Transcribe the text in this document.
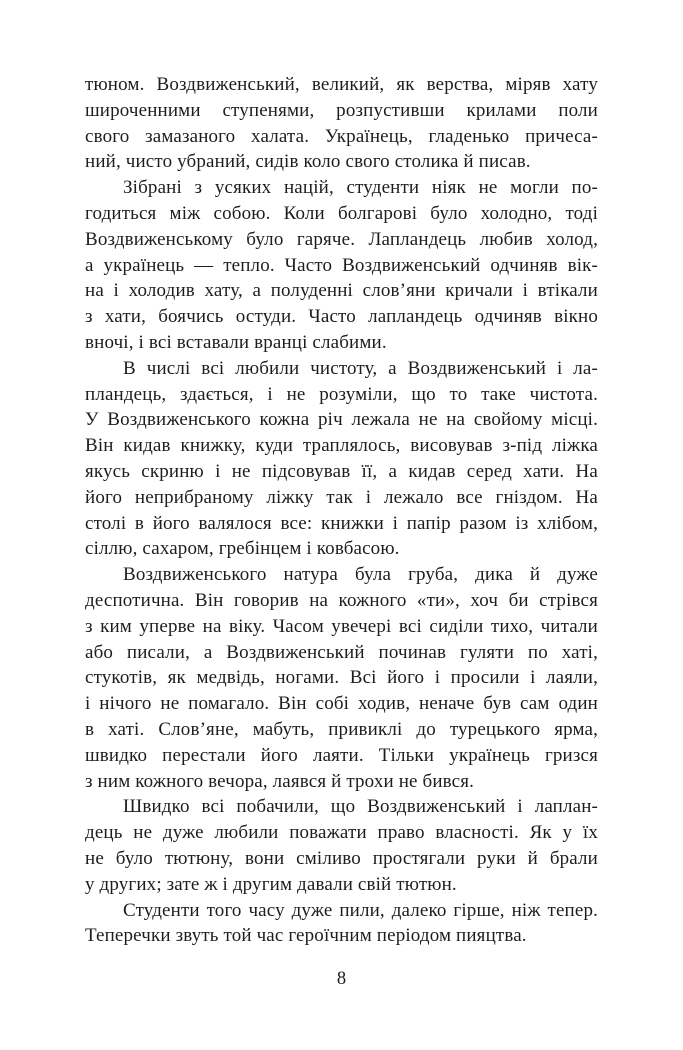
тюном. Воздвиженський, великий, як верства, міряв хату
широченними ступенями, розпустивши крилами поли
свого замазаного халата. Українець, гладенько причеса-
ний, чисто убраний, сидів коло свого столика й писав.

Зібрані з усяких націй, студенти ніяк не могли по-
годиться між собою. Коли болгарові було холодно, тоді
Воздвиженському було гаряче. Лапландець любив холод,
а українець — тепло. Часто Воздвиженський одчиняв вік-
на і холодив хату, а полуденні слов’яни кричали і втікали
з хати, боячись остуди. Часто лапландець одчиняв вікно
вночі, і всі вставали вранці слабими.

В числі всі любили чистоту, а Воздвиженський і ла-
пландець, здається, і не розуміли, що то таке чистота.
У Воздвиженського кожна річ лежала не на свойому місці.
Він кидав книжку, куди траплялось, висовував з-під ліжка
якусь скриню і не підсовував її, а кидав серед хати. На
його неприбраному ліжку так і лежало все гніздом. На
столі в його валялося все: книжки і папір разом із хлібом,
сіллю, сахаром, гребінцем і ковбасою.

Воздвиженського натура була груба, дика й дуже
деспотична. Він говорив на кожного «ти», хоч би стрівся
з ким уперве на віку. Часом увечері всі сиділи тихо, читали
або писали, а Воздвиженський починав гуляти по хаті,
стукотів, як медвідь, ногами. Всі його і просили і лаяли,
і нічого не помагало. Він собі ходив, неначе був сам один
в хаті. Слов’яне, мабуть, привиклі до турецького ярма,
швидко перестали його лаяти. Тільки українець гризся
з ним кожного вечора, лаявся й трохи не бився.

Швидко всі побачили, що Воздвиженський і лаплан-
дець не дуже любили поважати право власності. Як у їх
не було тютюну, вони сміливо простягали руки й брали
у других; зате ж і другим давали свій тютюн.

Студенти того часу дуже пили, далеко гірше, ніж тепер.
Теперечки звуть той час героїчним періодом пияцтва.

8
